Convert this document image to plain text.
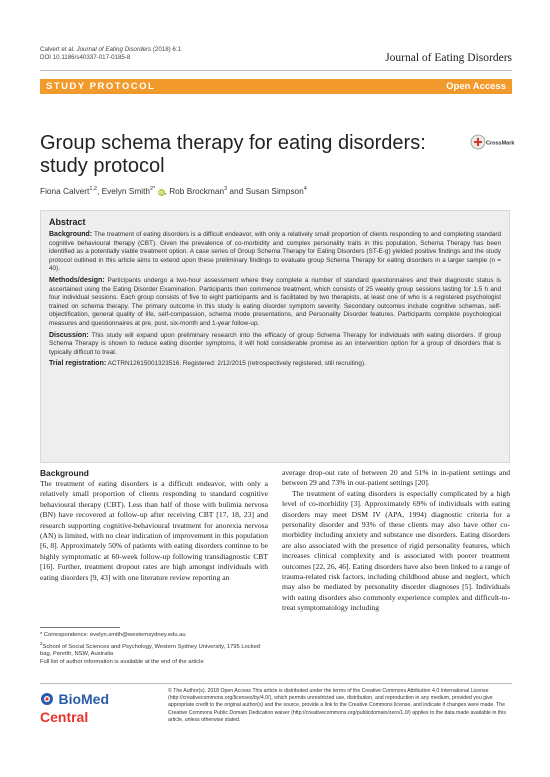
Calvert et al. Journal of Eating Disorders (2018) 6:1
DOI 10.1186/s40337-017-0185-8	Journal of Eating Disorders
STUDY PROTOCOL	Open Access
Group schema therapy for eating disorders: study protocol
CrossMark
Fiona Calvert$^{1,2}$, Evelyn Smith$^{2*}$ iD, Rob Brockman$^3$ and Susan Simpson$^4$
Abstract

Background: The treatment of eating disorders is a difficult endeavor, with only a relatively small proportion of clients responding to and completing standard cognitive behavioural therapy (CBT). Given the prevalence of co-morbidity and complex personality traits in this population, Schema Therapy has been identified as a potentially viable treatment option. A case series of Group Schema Therapy for Eating Disorders (ST-E-g) yielded positive findings and the study protocol outlined in this article aims to extend upon these preliminary findings to evaluate group Schema Therapy for eating disorders in a larger sample (n = 40).

Methods/design: Participants undergo a two-hour assessment where they complete a number of standard questionnaires and their diagnostic status is ascertained using the Eating Disorder Examination. Participants then commence treatment, which consists of 25 weekly group sessions lasting for 1.5 h and four individual sessions. Each group consists of five to eight participants and is facilitated by two therapists, at least one of who is a registered psychologist trained on schema therapy. The primary outcome in this study is eating disorder symptom severity. Secondary outcomes include cognitive schemas, self-objectification, general quality of life, self-compassion, schema mode presentations, and Personality Disorder features. Participants complete psychological measures and questionnaires at pre, post, six-month and 1-year follow-up.

Discussion: This study will expand upon preliminary research into the efficacy of group Schema Therapy for individuals with eating disorders. If group Schema Therapy is shown to reduce eating disorder symptoms, it will hold considerable promise as an intervention option for a group of disorders that is typically difficult to treat.

Trial registration: ACTRN12615001323516. Registered: 2/12/2015 (retrospectively registered, still recruiting).

Background

The treatment of eating disorders is a difficult endeavor, with only a relatively small proportion of clients responding to standard cognitive behavioural therapy (CBT). Less than half of those with bulimia nervosa (BN) have recovered at follow-up after receiving CBT [17, 18, 23] and research supporting cognitive-behavioural treatment for anorexia nervosa (AN) is limited, with no clear indication of improvement in this population [6, 8]. Approximately 50% of patients with eating disorders continue to be highly symptomatic at 60-week follow-up following transdiagnostic CBT [16]. Further, treatment dropout rates are high amongst individuals with eating disorders [9, 43] with one literature review reporting an

average drop-out rate of between 20 and 51% in in-patient settings and between 29 and 73% in out-patient settings [20].

The treatment of eating disorders is especially complicated by a high level of co-morbidity [3]. Approximately 69% of individuals with eating disorders may meet DSM IV (APA, 1994) diagnostic criteria for a personality disorder and 93% of these clients may also have other co-morbidity including anxiety and substance use disorders. Eating disorders are also associated with the presence of rigid personality features, which increases clinical complexity and is associated with poorer treatment outcomes [22, 26, 46]. Eating disorders have also been linked to a range of trauma-related risk factors, including childhood abuse and neglect, which may also be mediated by personality disorder diagnoses [5]. Individuals with eating disorders also commonly experience complex and difficult-to-treat symptomatology including

* Correspondence: evelyn.smith@westernsydney.edu.au
$^2$School of Social Sciences and Psychology, Western Sydney University, 1795 Locked bag, Penrith, NSW, Australia
Full list of author information is available at the end of the article
BioMed Central
© The Author(s). 2018 Open Access This article is distributed under the terms of the Creative Commons Attribution 4.0 International License (http://creativecommons.org/licenses/by/4.0/), which permits unrestricted use, distribution, and reproduction in any medium, provided you give appropriate credit to the original author(s) and the source, provide a link to the Creative Commons license, and indicate if changes were made. The Creative Commons Public Domain Dedication waiver (http://creativecommons.org/publicdomain/zero/1.0/) applies to the data made available in this article, unless otherwise stated.
